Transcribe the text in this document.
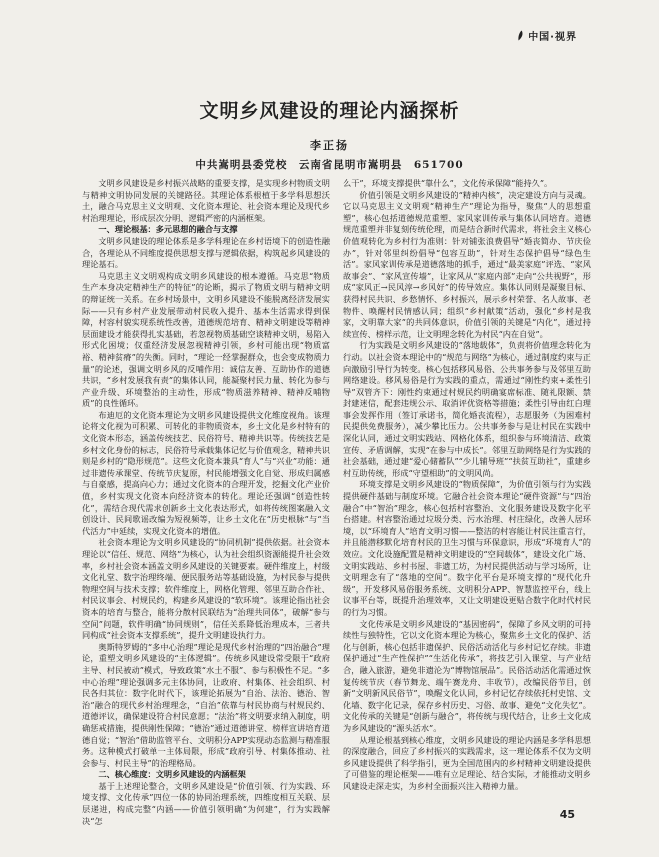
中国·视界
文明乡风建设的理论内涵探析
李正扬
中共嵩明县委党校　云南省昆明市嵩明县　651700

文明乡风建设是乡村振兴战略的重要支撑，是实现乡村物质文明与精神文明协同发展的关键路径。其理论体系根植于多学科思想沃土，融合马克思主义文明观、文化资本理论、社会资本理论及现代乡村治理理论，形成层次分明、逻辑严密的内涵框架。

一、理论根基：多元思想的融合与支撑

文明乡风建设的理论体系是多学科理论在乡村语境下的创造性融合，各理论从不同维度提供思想支撑与逻辑依据，构筑起乡风建设的理论基石。

马克思主义文明观构成文明乡风建设的根本遵循。马克思“物质生产本身决定精神生产的特征”的论断，揭示了物质文明与精神文明的辩证统一关系。在乡村场景中，文明乡风建设不能脱离经济发展实际——只有乡村产业发展带动村民收入提升、基本生活需求得到保障，村容村貌实现系统性改善，道德规范培育、精神文明建设等精神层面建设才能获得扎实基础，若忽视物质基础空谈精神文明，易陷入形式化困境；仅重经济发展忽视精神引领，乡村可能出现“物质富裕、精神贫瘠”的失衡。同时，“理论一经掌握群众，也会变成物质力量”的论述，强调文明乡风的反哺作用：诚信友善、互助协作的道德共识，“乡村发展我有责”的集体认同，能凝聚村民力量、转化为参与产业升级、环境整治的主动性，形成“物质滋养精神、精神反哺物质”的良性循环。

布迪厄的文化资本理论为文明乡风建设提供文化维度视角。该理论将文化视为可积累、可转化的非物质资本，乡土文化是乡村特有的文化资本形态，涵盖传统技艺、民俗符号、精神共识等。传统技艺是乡村文化身份的标志，民俗符号承载集体记忆与价值观念，精神共识则是乡村的“隐形规范”。这些文化资本兼具“育人”与“兴业”功能：通过非遗传承课堂、传统节庆复原，村民能增强文化自觉、形成归属感与自豪感，提高向心力；通过文化资本的合理开发，挖掘文化产业价值，乡村实现文化资本向经济资本的转化。理论还强调“创造性转化”，需结合现代需求创新乡土文化表达形式，如将传统图案融入文创设计、民间歌谣改编为短视频等，让乡土文化在“历史根脉”与“当代活力”中延续，实现文化资本的增值。

社会资本理论为文明乡风建设的“协同机制”提供依据。社会资本理论以“信任、规范、网络”为核心，认为社会组织资源能提升社会效率，乡村社会资本涵盖文明乡风建设的关键要素。硬件维度上，村级文化礼堂、数字治理终端、便民服务站等基础设施，为村民参与提供物理空间与技术支撑；软件维度上，网格化管理、邻里互助合作社、村民议事会、村规民约，构建乡风建设的“软环境”。该理论指出社会资本的培育与整合，能将分散村民联结为“治理共同体”，破解“参与空间”问题，软件明确“协同规则”，信任关系降低治理成本，三者共同构成“社会资本支撑系统”，提升文明建设执行力。

奥斯特罗姆的“多中心治理”理论是现代乡村治理的“四治融合”理论，重塑文明乡风建设的“主体逻辑”。传统乡风建设常受限于“政府主导、村民被动”模式，导致政策“水土不服”、参与积极性不足。“多中心治理”理论强调多元主体协同，让政府、村集体、社会组织、村民各归其位：数字化时代下，该理论拓展为“自治、法治、德治、智治”融合的现代乡村治理理念，“自治”依靠与村民协商与村规民约、道德评议，确保建设符合村民意愿；“法治”将文明要求纳入制度，明确惩戒措施，提供刚性保障；“德治”通过道德讲堂、榜样宣讲培育道德自觉；“智治”借助监管平台、文明积分APP实现动态监测与精准服务。这种模式打破单一主体局限，形成“政府引导、村集体推动、社会参与、村民主导”的治理格局。

二、核心维度：文明乡风建设的内涵框架

基于上述理论整合，文明乡风建设是“价值引领、行为实践、环境支撑、文化传承”四位一体的协同治理系统，四维度相互关联、层层递进，构成完整“内涵——价值引领明确“为何建”，行为实践解决“怎

么干”，环境支撑提供“靠什么”，文化传承保障“能持久”。

价值引领是文明乡风建设的“精神内核”，决定建设方向与灵魂。它以马克思主义文明观“精神生产”理论为指导，聚焦“人的思想重塑”，核心包括道德规范重塑、家风家训传承与集体认同培育。道德规范重塑并非复刻传统伦理，而是结合新时代需求，将社会主义核心价值观转化为乡村行为准则：针对铺张浪费倡导“婚丧简办、节庆俭办”，针对邻里纠纷倡导“包容互助”，针对生态保护倡导“绿色生活”。家风家训传承是道德落地的抓手，通过“最美家庭”评选、“家风故事会”、“家风宣传墙”，让家风从“家庭内部”走向“公共视野”，形成“家风正→民风淳→乡风好”的传导效应。集体认同则是凝聚目标、获得村民共识、乡愁情怀、乡村振兴，展示乡村荣誉、名人故事、老物件、唤醒村民情感认同；组织“乡村献策”活动，强化“乡村是我家，文明靠大家”的共同体意识，价值引领的关键是“内化”，通过持续宣传、榜样示范，让文明理念转化为村民“内在自觉”。

行为实践是文明乡风建设的“落地载体”，负责将价值理念转化为行动。以社会资本理论中的“规范与网络”为核心，通过制度约束与正向激励引导行为转变。核心包括移风易俗、公共事务参与及邻里互助网络建设。移风易俗是行为实践的重点，需通过“刚性约束+柔性引导”双管齐下：刚性约束通过村规民约明确宴席标准、随礼限额、禁封建迷信，配套违规公示、取消评优资格等措施；柔性引导由红白理事会发挥作用（签订承诺书，简化婚丧流程），志愿服务（为困难村民提供免费服务），减少攀比压力。公共事务参与是让村民在实践中深化认同，通过文明实践站、网格化体系，组织参与环境清洁、政策宣传、矛盾调解，实现“在参与中成长”。邻里互助网络是行为实践的社会基础，通过建“爱心储蓄队”“少儿辅导班”“扶贫互助社”，重建乡村互助传统，形成“守望相助”的文明风尚。

环境支撑是文明乡风建设的“物质保障”，为价值引领与行为实践提供硬件基础与制度环境。它融合社会资本理论“硬件资源”与“四治融合”中“智治”理念，核心包括村容整治、文化服务建设及数字化平台搭建。村容整治通过垃圾分类、污水治理、村庄绿化，改善人居环境，以“环境育人”培育文明习惯——整洁的村容能让村民注重言行，并且能潜移默化培育村民的卫生习惯与环保意识，形成“环境育人”的效应。文化设施配置是精神文明建设的“空间载体”，建设文化广场、文明实践站、乡村书屋、非遗工坊，为村民提供活动与学习场所，让文明理念有了“落地的空间”。数字化平台是环境支撑的“现代化升级”，开发移风易俗服务系统、文明积分APP、智慧监控平台，线上议事平台等，既提升治理效率，又让文明建设更贴合数字化时代村民的行为习惯。

文化传承是文明乡风建设的“基因密码”，保障了乡风文明的可持续性与独特性，它以文化资本理论为核心，聚焦乡土文化的保护、活化与创新，核心包括非遗保护、民俗活动活化与乡村记忆存续。非遗保护通过“生产性保护”“生活化传承”，将技艺引入课堂、与产业结合，融入旅游，避免非遗沦为“博物馆展品”。民俗活动活化需通过恢复传统节庆（春节舞龙、端午赛龙舟、丰收节），改编民俗节目，创新“文明新风民俗节”，唤醒文化认同，乡村记忆存续依托村史馆、文化墙、数字化记录，保存乡村历史、习俗、故事、避免“文化失忆”。文化传承的关键是“创新与融合”，将传统与现代结合，让乡土文化成为乡风建设的“源头活水”。

从理论根基到核心维度，文明乡风建设的理论内涵是多学科思想的深度融合，回应了乡村振兴的实践需求，这一理论体系不仅为文明乡风建设提供了科学指引，更为全国范围内的乡村精神文明建设提供了可借鉴的理论框架——唯有立足理论、结合实际，才能推动文明乡风建设走深走实，为乡村全面振兴注入精神力量。

45
